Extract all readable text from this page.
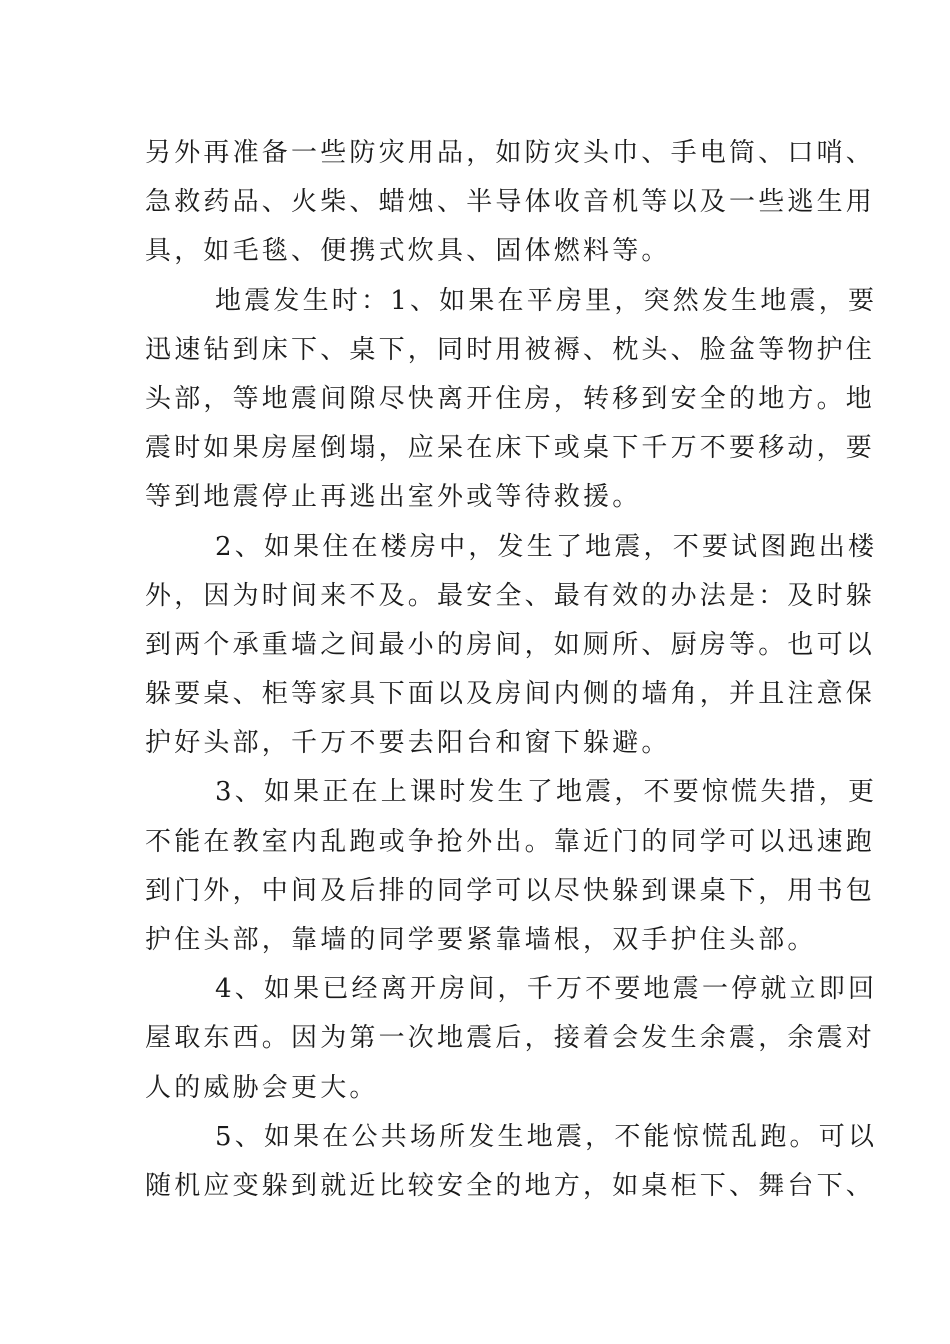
另外再准备一些防灾用品，如防灾头巾、手电筒、口哨、
急救药品、火柴、蜡烛、半导体收音机等以及一些逃生用
具，如毛毯、便携式炊具、固体燃料等。
地震发生时：1、如果在平房里，突然发生地震，要
迅速钻到床下、桌下，同时用被褥、枕头、脸盆等物护住
头部，等地震间隙尽快离开住房，转移到安全的地方。地
震时如果房屋倒塌，应呆在床下或桌下千万不要移动，要
等到地震停止再逃出室外或等待救援。
2、如果住在楼房中，发生了地震，不要试图跑出楼
外，因为时间来不及。最安全、最有效的办法是：及时躲
到两个承重墙之间最小的房间，如厕所、厨房等。也可以
躲要桌、柜等家具下面以及房间内侧的墙角，并且注意保
护好头部，千万不要去阳台和窗下躲避。
3、如果正在上课时发生了地震，不要惊慌失措，更
不能在教室内乱跑或争抢外出。靠近门的同学可以迅速跑
到门外，中间及后排的同学可以尽快躲到课桌下，用书包
护住头部，靠墙的同学要紧靠墙根，双手护住头部。
4、如果已经离开房间，千万不要地震一停就立即回
屋取东西。因为第一次地震后，接着会发生余震，余震对
人的威胁会更大。
5、如果在公共场所发生地震，不能惊慌乱跑。可以
随机应变躲到就近比较安全的地方，如桌柜下、舞台下、
